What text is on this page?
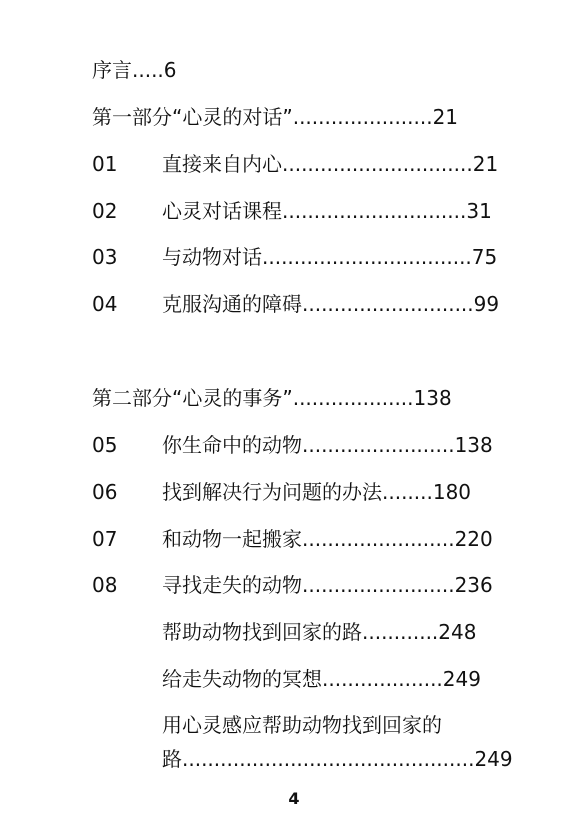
序言.....6
第一部分“心灵的对话”......................21
01 直接来自内心..............................21
02 心灵对话课程.............................31
03 与动物对话.................................75
04 克服沟通的障碍...........................99
第二部分“心灵的事务”...................138
05 你生命中的动物........................138
06 找到解决行为问题的办法........180
07 和动物一起搬家........................220
08 寻找走失的动物........................236
帮助动物找到回家的路............248
给走失动物的冥想...................249
用心灵感应帮助动物找到回家的
路..............................................249
4
